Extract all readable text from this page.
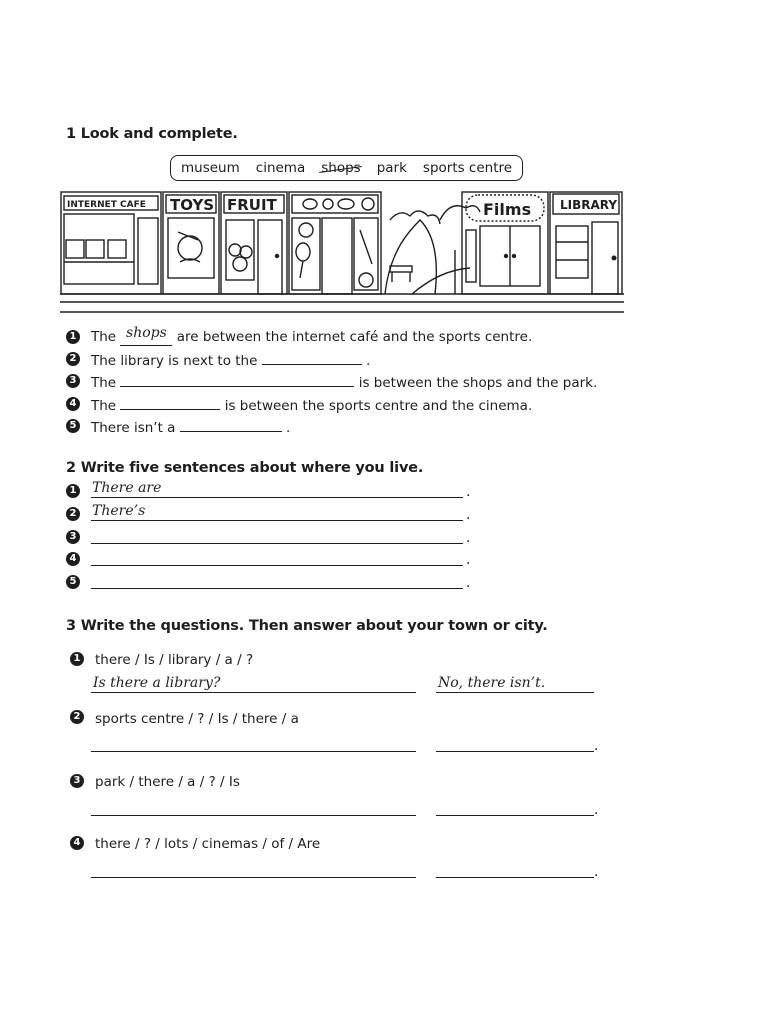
1 Look and complete.
museum cinema shops park sports centre
INTERNET CAFE TOYS FRUIT	Films LIBRARY
1 The shops are between the internet café and the sports centre.
2 The library is next to the	.
3 The	is between the shops and the park.
4 The	is between the sports centre and the cinema.
5 There isn’t a	.
2 Write five sentences about where you live.
1 There are	.
2 There’s	.
3	.
4	.
5	.
3 Write the questions. Then answer about your town or city.
1 there / Is / library / a / ?
Is there a library?	No, there isn’t.
2 sports centre / ? / Is / there / a
.
3 park / there / a / ? / Is
.
4 there / ? / lots / cinemas / of / Are
.
